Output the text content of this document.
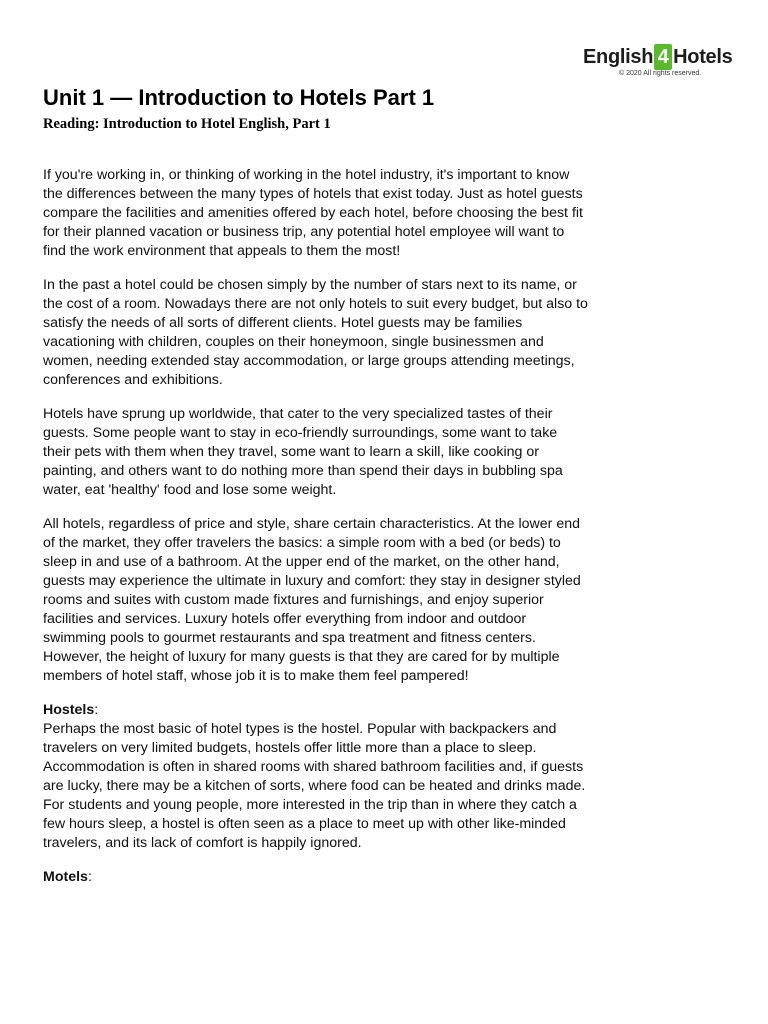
English 4 Hotels
© 2020 All rights reserved.
Unit 1 — Introduction to Hotels Part 1
Reading: Introduction to Hotel English, Part 1

If you're working in, or thinking of working in the hotel industry, it's important to know the differences between the many types of hotels that exist today. Just as hotel guests compare the facilities and amenities offered by each hotel, before choosing the best fit for their planned vacation or business trip, any potential hotel employee will want to find the work environment that appeals to them the most!

In the past a hotel could be chosen simply by the number of stars next to its name, or the cost of a room. Nowadays there are not only hotels to suit every budget, but also to satisfy the needs of all sorts of different clients. Hotel guests may be families vacationing with children, couples on their honeymoon, single businessmen and women, needing extended stay accommodation, or large groups attending meetings, conferences and exhibitions.

Hotels have sprung up worldwide, that cater to the very specialized tastes of their guests. Some people want to stay in eco-friendly surroundings, some want to take their pets with them when they travel, some want to learn a skill, like cooking or painting, and others want to do nothing more than spend their days in bubbling spa water, eat 'healthy' food and lose some weight.

All hotels, regardless of price and style, share certain characteristics. At the lower end of the market, they offer travelers the basics: a simple room with a bed (or beds) to sleep in and use of a bathroom. At the upper end of the market, on the other hand, guests may experience the ultimate in luxury and comfort: they stay in designer styled rooms and suites with custom made fixtures and furnishings, and enjoy superior facilities and services. Luxury hotels offer everything from indoor and outdoor swimming pools to gourmet restaurants and spa treatment and fitness centers. However, the height of luxury for many guests is that they are cared for by multiple members of hotel staff, whose job it is to make them feel pampered!

Hostels:
Perhaps the most basic of hotel types is the hostel. Popular with backpackers and travelers on very limited budgets, hostels offer little more than a place to sleep. Accommodation is often in shared rooms with shared bathroom facilities and, if guests are lucky, there may be a kitchen of sorts, where food can be heated and drinks made. For students and young people, more interested in the trip than in where they catch a few hours sleep, a hostel is often seen as a place to meet up with other like-minded travelers, and its lack of comfort is happily ignored.
Motels:
